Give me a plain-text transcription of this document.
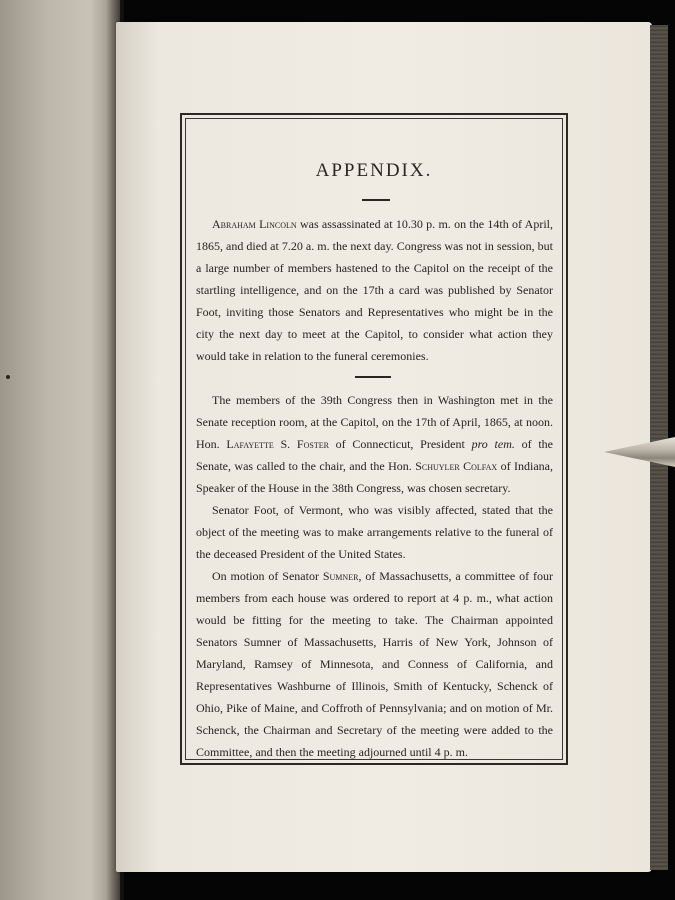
APPENDIX.

Abraham Lincoln was assassinated at 10.30 p. m. on the 14th of April, 1865, and died at 7.20 a. m. the next day. Congress was not in session, but a large number of members hastened to the Capitol on the receipt of the startling intelligence, and on the 17th a card was published by Senator Foot, inviting those Senators and Representatives who might be in the city the next day to meet at the Capitol, to consider what action they would take in relation to the funeral ceremonies.

The members of the 39th Congress then in Washington met in the Senate reception room, at the Capitol, on the 17th of April, 1865, at noon. Hon. Lafayette S. Foster of Connecticut, President pro tem. of the Senate, was called to the chair, and the Hon. Schuyler Colfax of Indiana, Speaker of the House in the 38th Congress, was chosen secretary.

Senator Foot, of Vermont, who was visibly affected, stated that the object of the meeting was to make arrangements relative to the funeral of the deceased President of the United States.

On motion of Senator Sumner, of Massachusetts, a committee of four members from each house was ordered to report at 4 p. m., what action would be fitting for the meeting to take. The Chairman appointed Senators Sumner of Massachusetts, Harris of New York, Johnson of Maryland, Ramsey of Minnesota, and Conness of California, and Representatives Washburne of Illinois, Smith of Kentucky, Schenck of Ohio, Pike of Maine, and Coffroth of Pennsylvania; and on motion of Mr. Schenck, the Chairman and Secretary of the meeting were added to the Committee, and then the meeting adjourned until 4 p. m.
